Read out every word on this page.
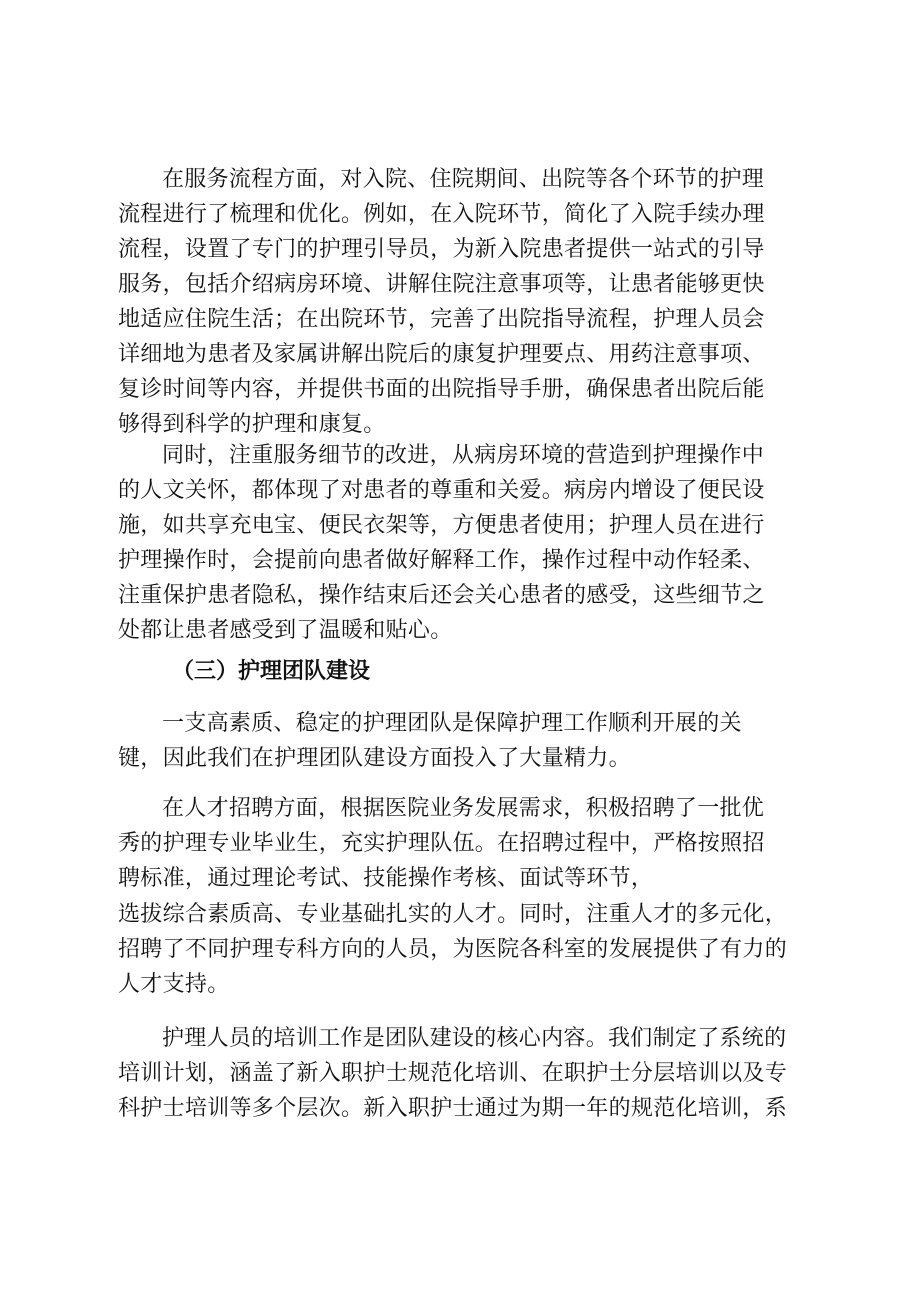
在服务流程方面，对入院、住院期间、出院等各个环节的护理
流程进行了梳理和优化。例如，在入院环节，简化了入院手续办理
流程，设置了专门的护理引导员，为新入院患者提供一站式的引导
服务，包括介绍病房环境、讲解住院注意事项等，让患者能够更快
地适应住院生活；在出院环节，完善了出院指导流程，护理人员会
详细地为患者及家属讲解出院后的康复护理要点、用药注意事项、
复诊时间等内容，并提供书面的出院指导手册，确保患者出院后能
够得到科学的护理和康复。
同时，注重服务细节的改进，从病房环境的营造到护理操作中
的人文关怀，都体现了对患者的尊重和关爱。病房内增设了便民设
施，如共享充电宝、便民衣架等，方便患者使用；护理人员在进行
护理操作时，会提前向患者做好解释工作，操作过程中动作轻柔、
注重保护患者隐私，操作结束后还会关心患者的感受，这些细节之
处都让患者感受到了温暖和贴心。
（三）护理团队建设
一支高素质、稳定的护理团队是保障护理工作顺利开展的关
键，因此我们在护理团队建设方面投入了大量精力。
在人才招聘方面，根据医院业务发展需求，积极招聘了一批优
秀的护理专业毕业生，充实护理队伍。在招聘过程中，严格按照招
聘标准，通过理论考试、技能操作考核、面试等环节，
选拔综合素质高、专业基础扎实的人才。同时，注重人才的多元化，
招聘了不同护理专科方向的人员，为医院各科室的发展提供了有力的
人才支持。
护理人员的培训工作是团队建设的核心内容。我们制定了系统的
培训计划，涵盖了新入职护士规范化培训、在职护士分层培训以及专
科护士培训等多个层次。新入职护士通过为期一年的规范化培训，系
